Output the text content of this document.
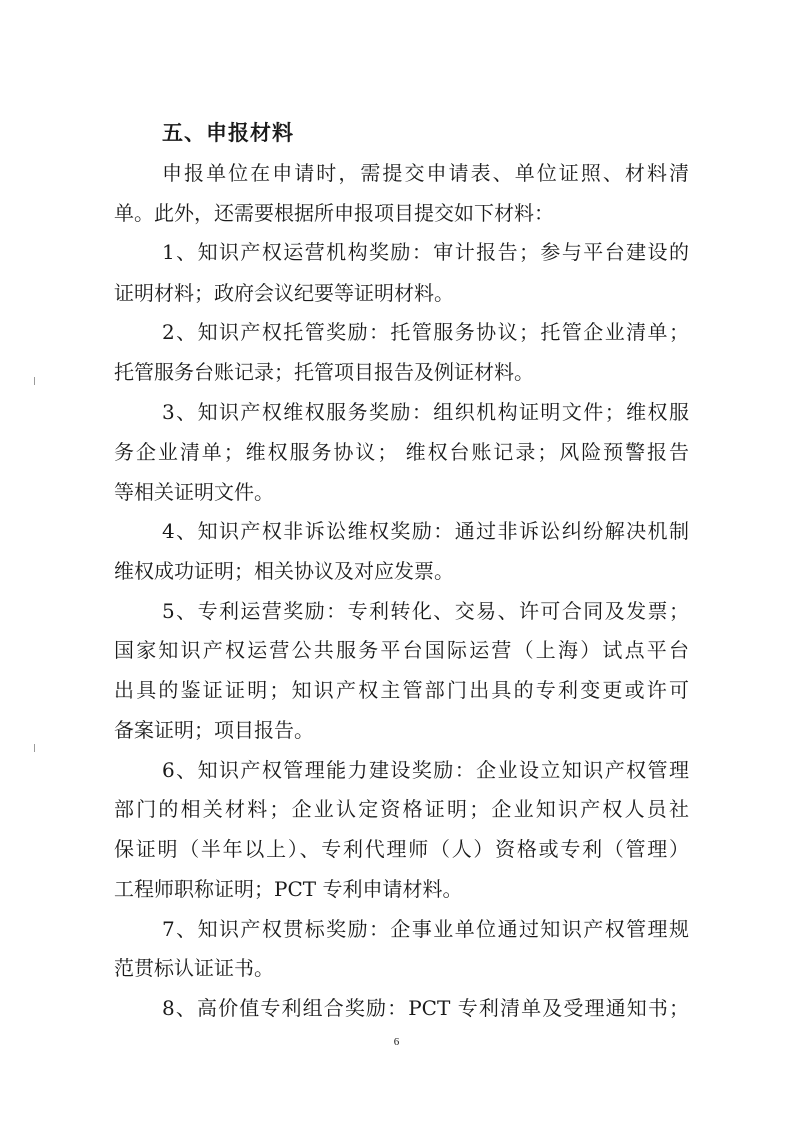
五、申报材料
申报单位在申请时，需提交申请表、单位证照、材料清
单。此外，还需要根据所申报项目提交如下材料：
1、知识产权运营机构奖励：审计报告；参与平台建设的
证明材料；政府会议纪要等证明材料。
2、知识产权托管奖励：托管服务协议；托管企业清单；
托管服务台账记录；托管项目报告及例证材料。
3、知识产权维权服务奖励：组织机构证明文件；维权服
务企业清单；维权服务协议； 维权台账记录；风险预警报告
等相关证明文件。
4、知识产权非诉讼维权奖励：通过非诉讼纠纷解决机制
维权成功证明；相关协议及对应发票。
5、专利运营奖励：专利转化、交易、许可合同及发票；
国家知识产权运营公共服务平台国际运营（上海）试点平台
出具的鉴证证明；知识产权主管部门出具的专利变更或许可
备案证明；项目报告。
6、知识产权管理能力建设奖励：企业设立知识产权管理
部门的相关材料；企业认定资格证明；企业知识产权人员社
保证明（半年以上）、专利代理师（人）资格或专利（管理）
工程师职称证明；PCT 专利申请材料。
7、知识产权贯标奖励：企事业单位通过知识产权管理规
范贯标认证证书。
8、高价值专利组合奖励：PCT 专利清单及受理通知书；
6
